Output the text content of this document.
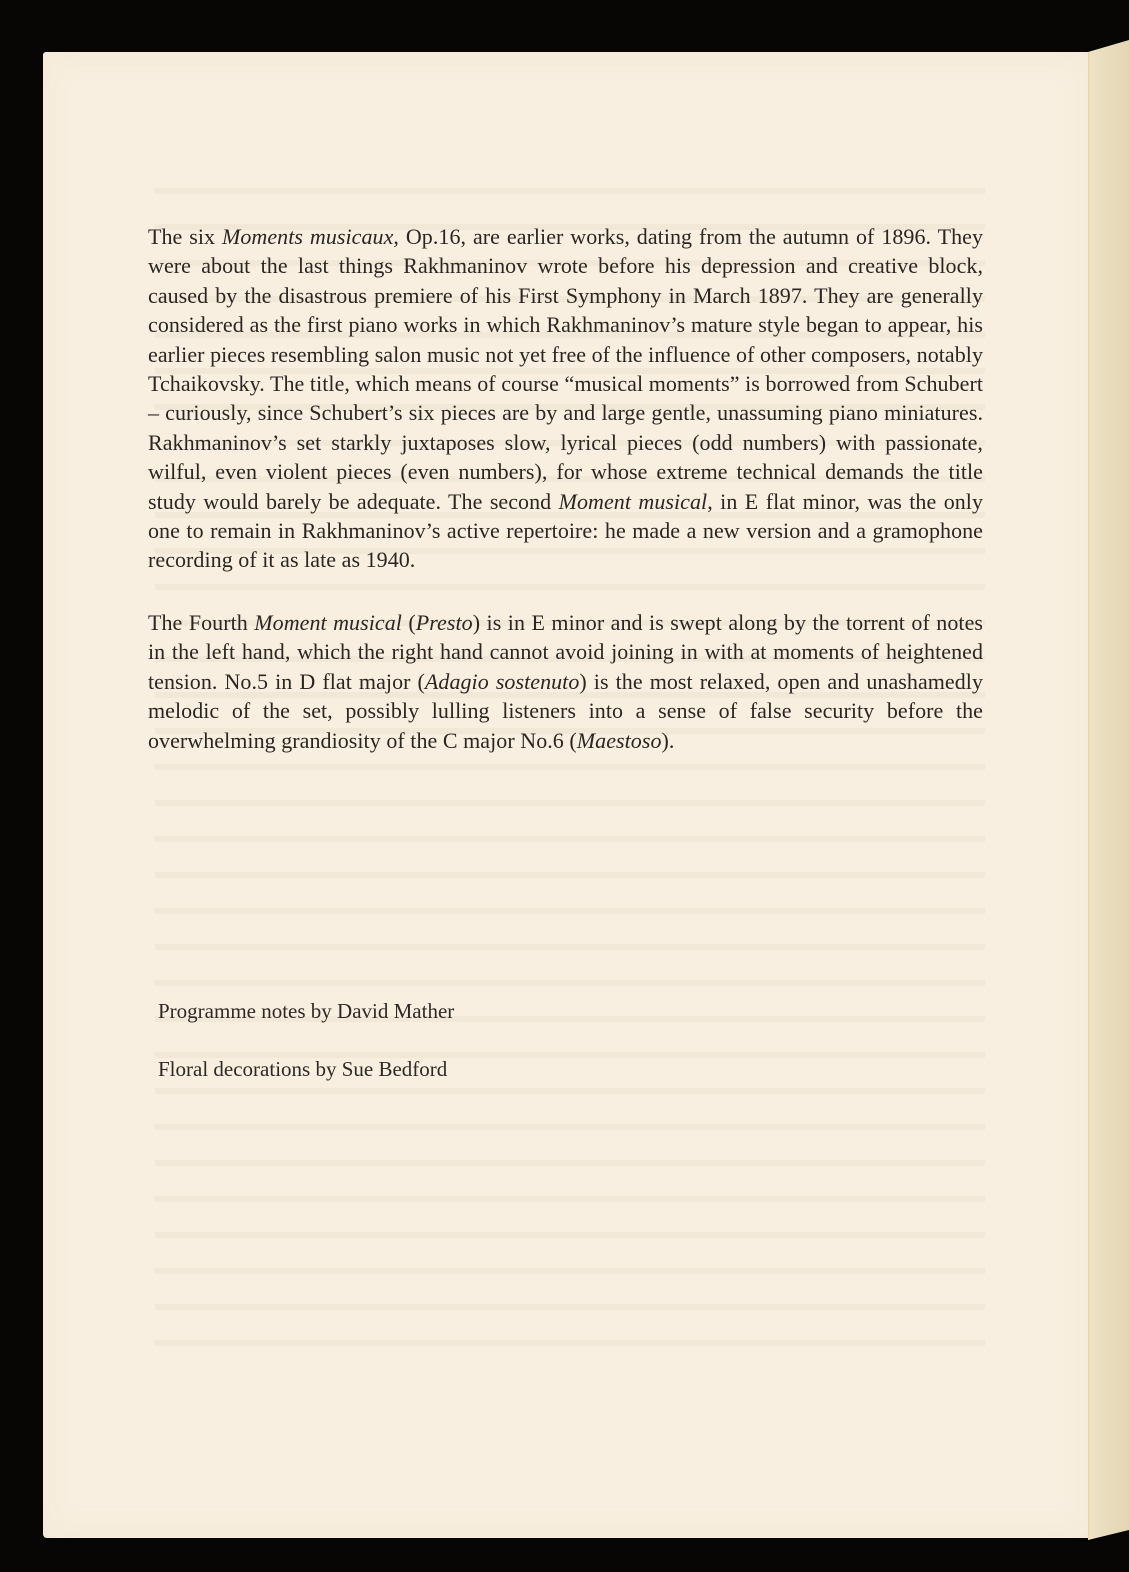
The six Moments musicaux, Op.16, are earlier works, dating from the autumn of 1896. They were about the last things Rakhmaninov wrote before his depression and creative block, caused by the disastrous premiere of his First Symphony in March 1897. They are generally considered as the first piano works in which Rakhmaninov’s mature style began to appear, his earlier pieces resembling salon music not yet free of the influence of other composers, notably Tchaikovsky. The title, which means of course “musical moments” is borrowed from Schubert – curiously, since Schubert’s six pieces are by and large gentle, unassuming piano miniatures. Rakhmaninov’s set starkly juxtaposes slow, lyrical pieces (odd numbers) with passionate, wilful, even violent pieces (even numbers), for whose extreme technical demands the title study would barely be adequate. The second Moment musical, in E flat minor, was the only one to remain in Rakhmaninov’s active repertoire: he made a new version and a gramophone recording of it as late as 1940.

The Fourth Moment musical (Presto) is in E minor and is swept along by the torrent of notes in the left hand, which the right hand cannot avoid joining in with at moments of heightened tension. No.5 in D flat major (Adagio sostenuto) is the most relaxed, open and unashamedly melodic of the set, possibly lulling listeners into a sense of false security before the overwhelming grandiosity of the C major No.6 (Maestoso).

Programme notes by David Mather
Floral decorations by Sue Bedford
